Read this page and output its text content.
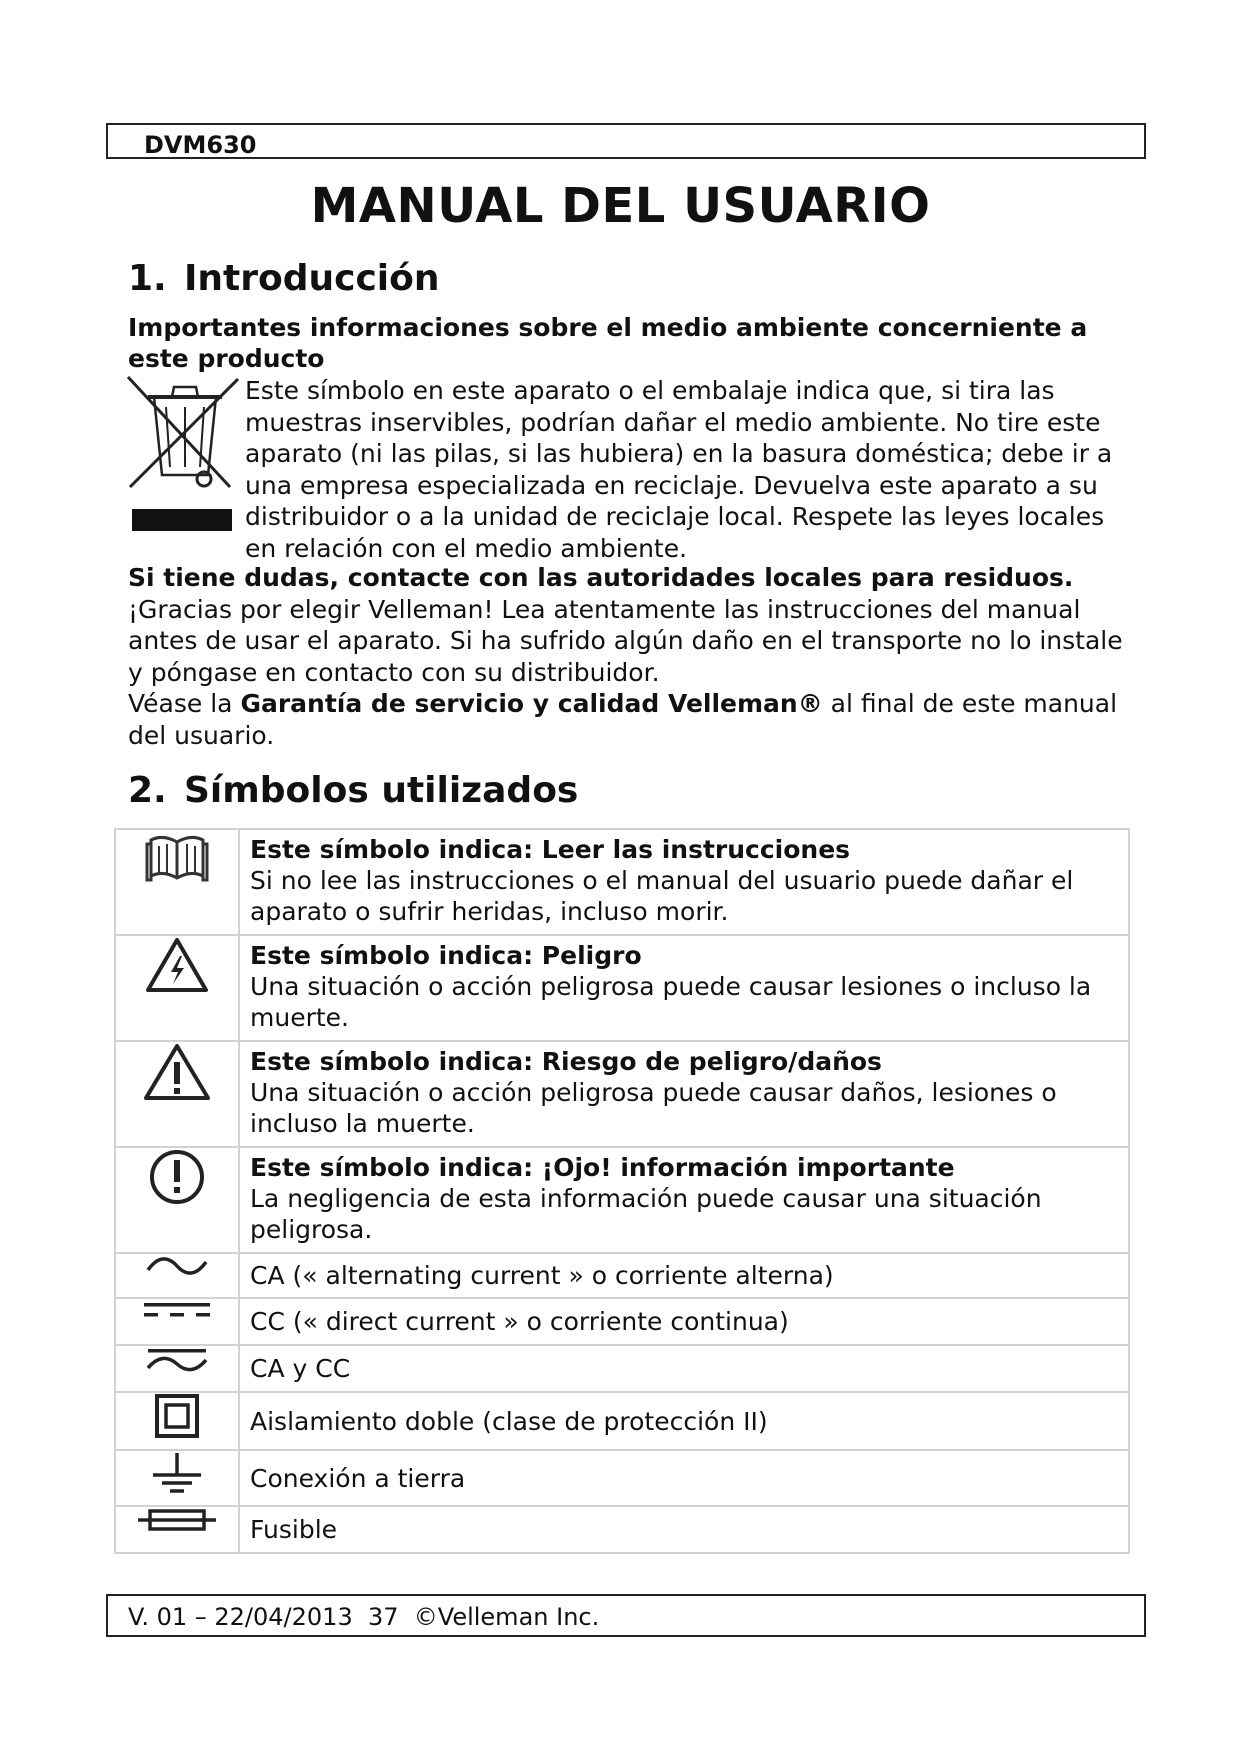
DVM630
MANUAL DEL USUARIO
1. Introducción
Importantes informaciones sobre el medio ambiente concerniente a este producto

Este símbolo en este aparato o el embalaje indica que, si tira las muestras inservibles, podrían dañar el medio ambiente. No tire este aparato (ni las pilas, si las hubiera) en la basura doméstica; debe ir a una empresa especializada en reciclaje. Devuelva este aparato a su distribuidor o a la unidad de reciclaje local. Respete las leyes locales en relación con el medio ambiente.

Si tiene dudas, contacte con las autoridades locales para residuos.

¡Gracias por elegir Velleman! Lea atentamente las instrucciones del manual antes de usar el aparato. Si ha sufrido algún daño en el transporte no lo instale y póngase en contacto con su distribuidor.

Véase la Garantía de servicio y calidad Velleman® al final de este manual del usuario.

2. Símbolos utilizados

Este símbolo indica: Leer las instrucciones
Si no lee las instrucciones o el manual del usuario puede dañar el aparato o sufrir heridas, incluso morir.

Este símbolo indica: Peligro
Una situación o acción peligrosa puede causar lesiones o incluso la muerte.

Este símbolo indica: Riesgo de peligro/daños
Una situación o acción peligrosa puede causar daños, lesiones o incluso la muerte.

Este símbolo indica: ¡Ojo! información importante
La negligencia de esta información puede causar una situación peligrosa.

	CA (« alternating current » o corriente alterna)

	CC (« direct current » o corriente continua)

	CA y CC

	Aislamiento doble (clase de protección II)

	Conexión a tierra

	Fusible
V. 01 – 22/04/2013  37  ©Velleman Inc.
